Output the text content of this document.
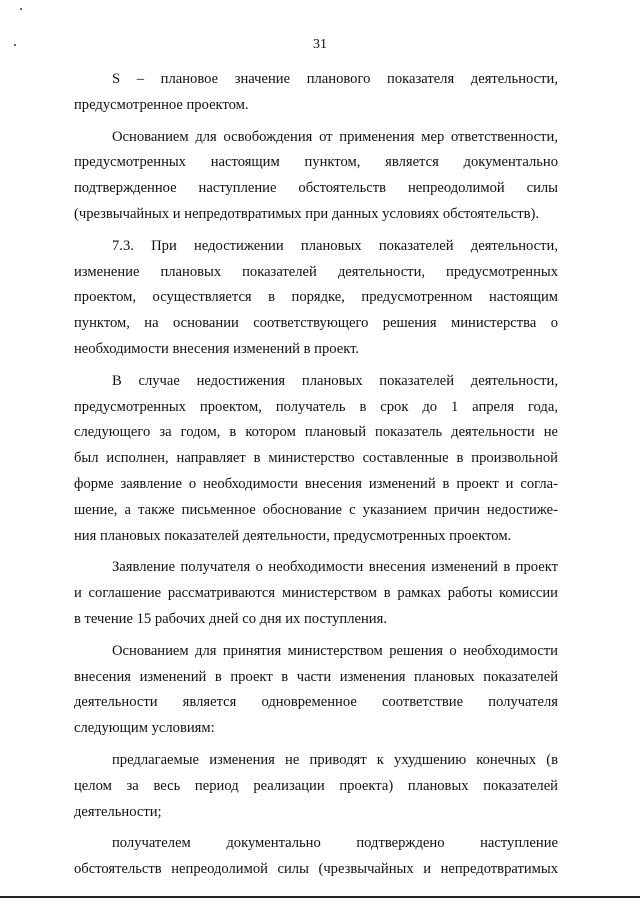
31
S – плановое значение планового показателя деятельности,
предусмотренное проектом.
Основанием для освобождения от применения мер ответственности,
предусмотренных настоящим пунктом, является документально
подтвержденное наступление обстоятельств непреодолимой силы
(чрезвычайных и непредотвратимых при данных условиях обстоятельств).
7.3. При недостижении плановых показателей деятельности,
изменение плановых показателей деятельности, предусмотренных
проектом, осуществляется в порядке, предусмотренном настоящим
пунктом, на основании соответствующего решения министерства о
необходимости внесения изменений в проект.
В случае недостижения плановых показателей деятельности,
предусмотренных проектом, получатель в срок до 1 апреля года,
следующего за годом, в котором плановый показатель деятельности не
был исполнен, направляет в министерство составленные в произвольной
форме заявление о необходимости внесения изменений в проект и согла-
шение, а также письменное обоснование с указанием причин недостиже-
ния плановых показателей деятельности, предусмотренных проектом.
Заявление получателя о необходимости внесения изменений в проект
и соглашение рассматриваются министерством в рамках работы комиссии
в течение 15 рабочих дней со дня их поступления.
Основанием для принятия министерством решения о необходимости
внесения изменений в проект в части изменения плановых показателей
деятельности является одновременное соответствие получателя
следующим условиям:
предлагаемые изменения не приводят к ухудшению конечных (в
целом за весь период реализации проекта) плановых показателей
деятельности;
получателем документально подтверждено наступление
обстоятельств непреодолимой силы (чрезвычайных и непредотвратимых
